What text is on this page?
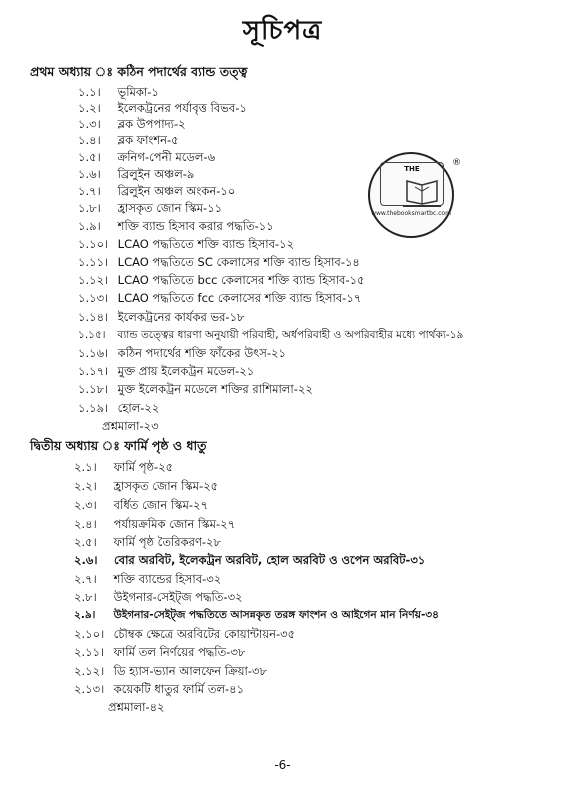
সূচিপত্র
প্রথম অধ্যায় ঃ কঠিন পদার্থের ব্যান্ড তত্ত্ব
১.১। ভূমিকা-১
১.২। ইলেকট্রনের পর্যাবৃত্ত বিভব-১
১.৩। ব্লক উপপাদ্য-২
১.৪। ব্লক ফাংশন-৫
১.৫। ক্রনিগ-পেনী মডেল-৬
১.৬। ব্রিলুইন অঞ্চল-৯
১.৭। ব্রিলুইন অঞ্চল অংকন-১০
১.৮। হ্রাসকৃত জোন স্কিম-১১
১.৯। শক্তি ব্যান্ড হিসাব করার পদ্ধতি-১১
১.১০। LCAO পদ্ধতিতে শক্তি ব্যান্ড হিসাব-১২
১.১১। LCAO পদ্ধতিতে SC কেলাসের শক্তি ব্যান্ড হিসাব-১৪
১.১২। LCAO পদ্ধতিতে bcc কেলাসের শক্তি ব্যান্ড হিসাব-১৫
১.১৩। LCAO পদ্ধতিতে fcc কেলাসের শক্তি ব্যান্ড হিসাব-১৭
১.১৪। ইলেকট্রনের কার্যকর ভর-১৮
১.১৫। ব্যান্ড তত্ত্বের ধারণা অনুযায়ী পরিবাহী, অর্ধপরিবাহী ও অপরিবাহীর মধ্যে পার্থক্য-১৯
১.১৬। কঠিন পদার্থের শক্তি ফাঁকের উৎস-২১
১.১৭। মুক্ত প্রায় ইলেকট্রন মডেল-২১
১.১৮। মুক্ত ইলেকট্রন মডেলে শক্তির রাশিমালা-২২
১.১৯। হোল-২২
প্রশ্নমালা-২৩
দ্বিতীয় অধ্যায় ঃ ফার্মি পৃষ্ঠ ও ধাতু
২.১। ফার্মি পৃষ্ঠ-২৫
২.২। হ্রাসকৃত জোন স্কিম-২৫
২.৩। বর্ধিত জোন স্কিম-২৭
২.৪। পর্যায়ক্রমিক জোন স্কিম-২৭
২.৫। ফার্মি পৃষ্ঠ তৈরিকরণ-২৮
২.৬। বোর অরবিট, ইলেকট্রন অরবিট, হোল অরবিট ও ওপেন অরবিট-৩১
২.৭। শক্তি ব্যান্ডের হিসাব-৩২
২.৮। উইগনার-সেইট্জ পদ্ধতি-৩২
২.৯। উইগনার-সেইট্জ পদ্ধতিতে আসন্নকৃত তরঙ্গ ফাংশন ও আইগেন মান নির্ণয়-৩৪
২.১০। চৌম্বক ক্ষেত্রে অরবিটের কোয়ান্টায়ন-৩৫
২.১১। ফার্মি তল নির্ণয়ের পদ্ধতি-৩৮
২.১২। ডি হ্যাস-ভ্যান আলফেন ক্রিয়া-৩৮
২.১৩। কয়েকটি ধাতুর ফার্মি তল-৪১
প্রশ্নমালা-৪২
THE
www.thebooksmartbc.com
®
-6-
